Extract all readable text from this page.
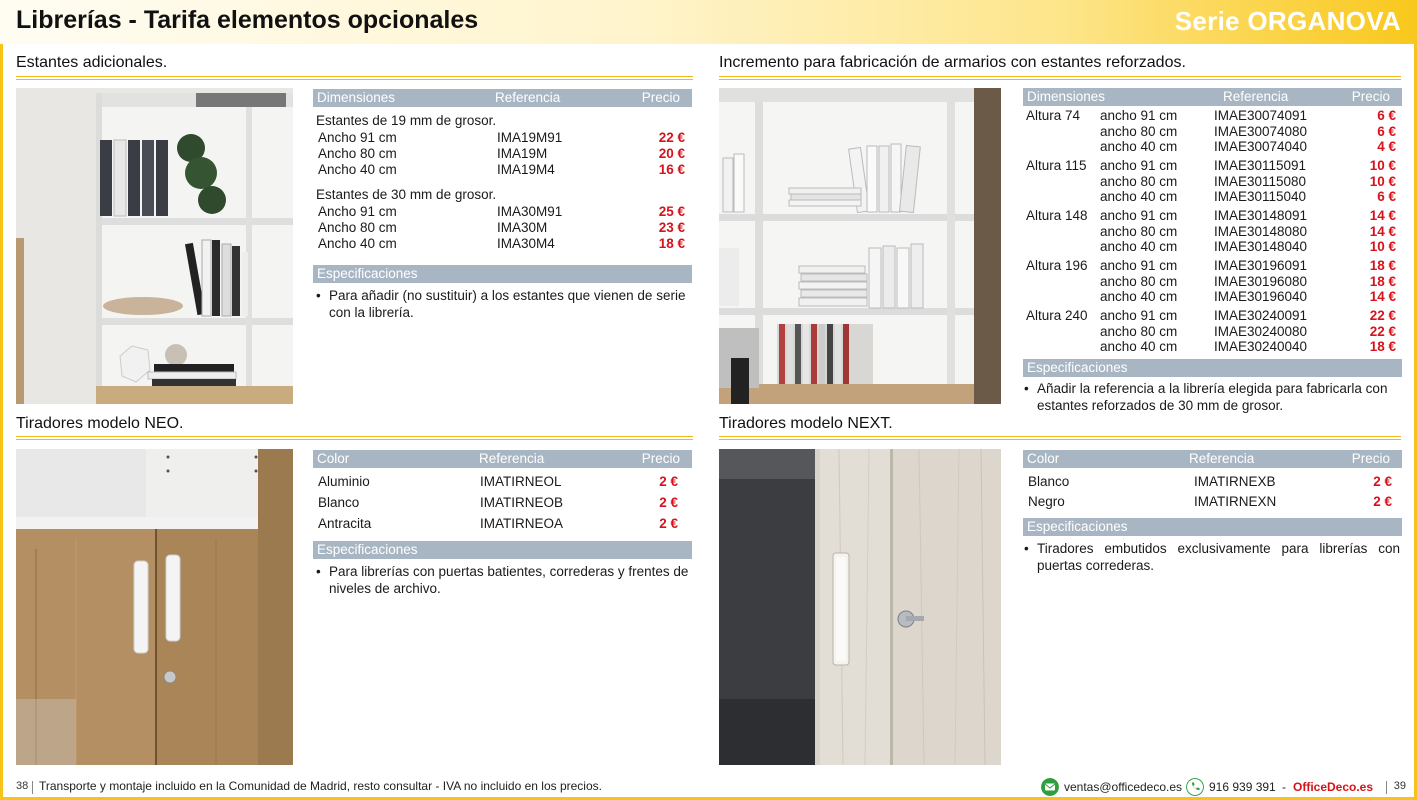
Librerías - Tarifa elementos opcionales	Serie ORGANOVA
Estantes adicionales.
Dimensiones	Referencia	Precio
Estantes de 19 mm de grosor.
Ancho 91 cm	IMA19M91	22 €
Ancho 80 cm	IMA19M	20 €
Ancho 40 cm	IMA19M4	16 €
Estantes de 30 mm de grosor.
Ancho 91 cm	IMA30M91	25 €
Ancho 80 cm	IMA30M	23 €
Ancho 40 cm	IMA30M4	18 €
Especificaciones
• Para añadir (no sustituir) a los estantes que vienen de serie con la librería.
Incremento para fabricación de armarios con estantes reforzados.
Dimensiones	Referencia	Precio
Altura 74 ancho 91 cm	IMAE30074091	6 €
ancho 80 cm	IMAE30074080	6 €
ancho 40 cm	IMAE30074040	4 €
Altura 115 ancho 91 cm	IMAE30115091	10 €
ancho 80 cm	IMAE30115080	10 €
ancho 40 cm	IMAE30115040	6 €
Altura 148 ancho 91 cm	IMAE30148091	14 €
ancho 80 cm	IMAE30148080	14 €
ancho 40 cm	IMAE30148040	10 €
Altura 196 ancho 91 cm	IMAE30196091	18 €
ancho 80 cm	IMAE30196080	18 €
ancho 40 cm	IMAE30196040	14 €
Altura 240 ancho 91 cm	IMAE30240091	22 €
ancho 80 cm	IMAE30240080	22 €
ancho 40 cm	IMAE30240040	18 €
Especificaciones
• Añadir la referencia a la librería elegida para fabricarla con estantes reforzados de 30 mm de grosor.
Tiradores modelo NEO.
Color	Referencia	Precio
Aluminio	IMATIRNEOL	2 €
Blanco	IMATIRNEOB	2 €
Antracita	IMATIRNEOA	2 €
Especificaciones
• Para librerías con puertas batientes, correderas y frentes de niveles de archivo.
Tiradores modelo NEXT.
Color	Referencia	Precio
Blanco	IMATIRNEXB	2 €
Negro	IMATIRNEXN	2 €
Especificaciones
• Tiradores embutidos exclusivamente para librerías con puertas correderas.
38 Transporte y montaje incluido en la Comunidad de Madrid, resto consultar - IVA no incluido en los precios.	ventas@officedeco.es 916 939 391 - OfficeDeco.es 39
